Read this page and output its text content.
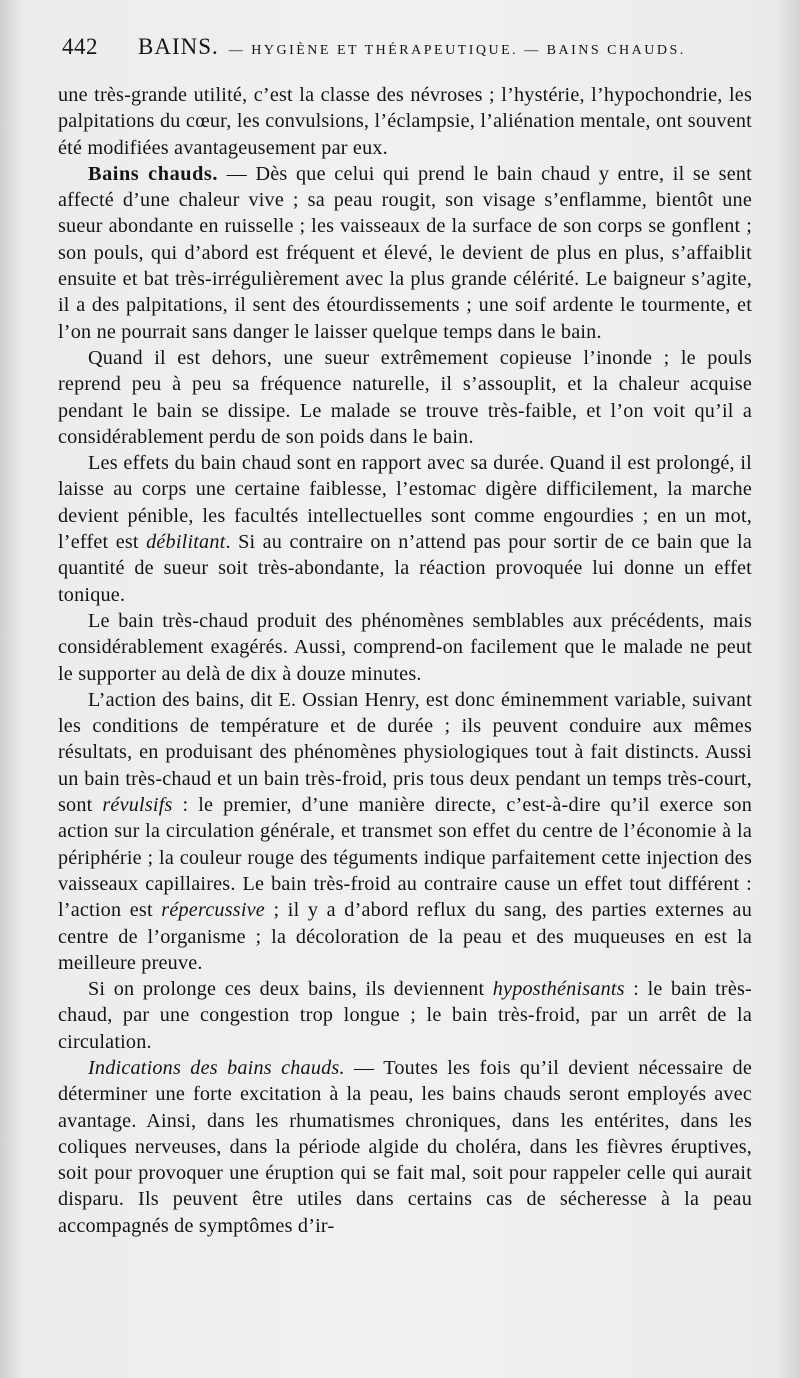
442 BAINS. — HYGIÈNE ET THÉRAPEUTIQUE. — BAINS CHAUDS.

une très-grande utilité, c’est la classe des névroses ; l’hystérie, l’hypochondrie, les palpitations du cœur, les convulsions, l’éclampsie, l’aliénation mentale, ont souvent été modifiées avantageusement par eux.

Bains chauds. — Dès que celui qui prend le bain chaud y entre, il se sent affecté d’une chaleur vive ; sa peau rougit, son visage s’enflamme, bientôt une sueur abondante en ruisselle ; les vaisseaux de la surface de son corps se gonflent ; son pouls, qui d’abord est fréquent et élevé, le devient de plus en plus, s’affaiblit ensuite et bat très-irrégulièrement avec la plus grande célérité. Le baigneur s’agite, il a des palpitations, il sent des étourdissements ; une soif ardente le tourmente, et l’on ne pourrait sans danger le laisser quelque temps dans le bain.

Quand il est dehors, une sueur extrêmement copieuse l’inonde ; le pouls reprend peu à peu sa fréquence naturelle, il s’assouplit, et la chaleur acquise pendant le bain se dissipe. Le malade se trouve très-faible, et l’on voit qu’il a considérablement perdu de son poids dans le bain.

Les effets du bain chaud sont en rapport avec sa durée. Quand il est prolongé, il laisse au corps une certaine faiblesse, l’estomac digère difficilement, la marche devient pénible, les facultés intellectuelles sont comme engourdies ; en un mot, l’effet est débilitant. Si au contraire on n’attend pas pour sortir de ce bain que la quantité de sueur soit très-abondante, la réaction provoquée lui donne un effet tonique.

Le bain très-chaud produit des phénomènes semblables aux précédents, mais considérablement exagérés. Aussi, comprend-on facilement que le malade ne peut le supporter au delà de dix à douze minutes.

L’action des bains, dit E. Ossian Henry, est donc éminemment variable, suivant les conditions de température et de durée ; ils peuvent conduire aux mêmes résultats, en produisant des phénomènes physiologiques tout à fait distincts. Aussi un bain très-chaud et un bain très-froid, pris tous deux pendant un temps très-court, sont révulsifs : le premier, d’une manière directe, c’est-à-dire qu’il exerce son action sur la circulation générale, et transmet son effet du centre de l’économie à la périphérie ; la couleur rouge des téguments indique parfaitement cette injection des vaisseaux capillaires. Le bain très-froid au contraire cause un effet tout différent : l’action est répercussive ; il y a d’abord reflux du sang, des parties externes au centre de l’organisme ; la décoloration de la peau et des muqueuses en est la meilleure preuve.

Si on prolonge ces deux bains, ils deviennent hyposthénisants : le bain très-chaud, par une congestion trop longue ; le bain très-froid, par un arrêt de la circulation.

Indications des bains chauds. — Toutes les fois qu’il devient nécessaire de déterminer une forte excitation à la peau, les bains chauds seront employés avec avantage. Ainsi, dans les rhumatismes chroniques, dans les entérites, dans les coliques nerveuses, dans la période algide du choléra, dans les fièvres éruptives, soit pour provoquer une éruption qui se fait mal, soit pour rappeler celle qui aurait disparu. Ils peuvent être utiles dans certains cas de sécheresse à la peau accompagnés de symptômes d’ir-
